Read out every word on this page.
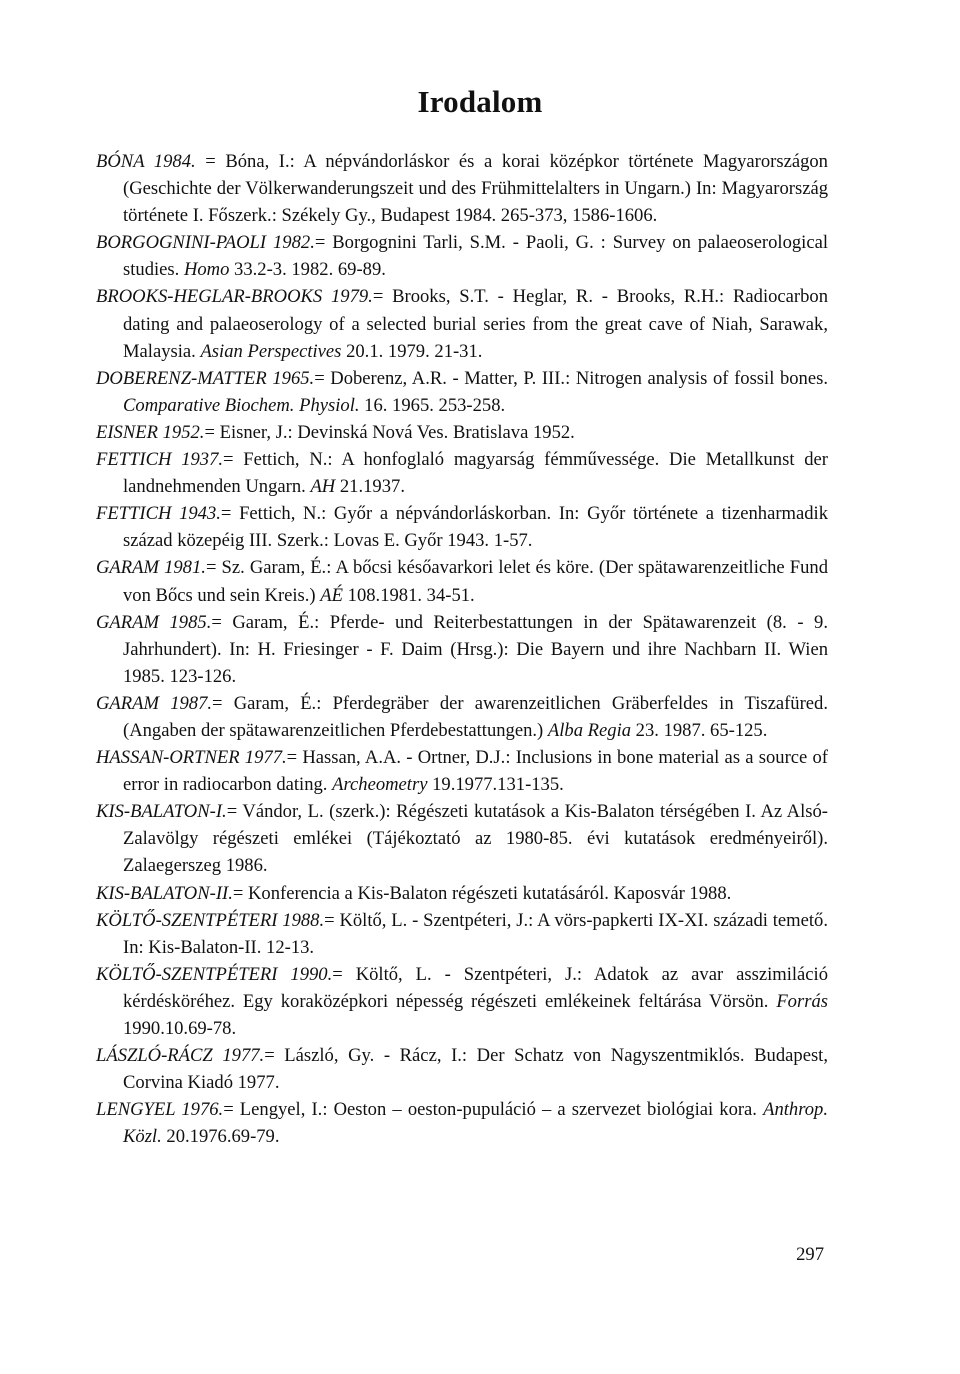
Irodalom

BÓNA 1984. = Bóna, I.: A népvándorláskor és a korai középkor története Magyarországon (Geschichte der Völkerwanderungszeit und des Frühmittelalters in Ungarn.) In: Magyarország története I. Főszerk.: Székely Gy., Budapest 1984. 265-373, 1586-1606.

BORGOGNINI-PAOLI 1982.= Borgognini Tarli, S.M. - Paoli, G. : Survey on palaeoserological studies. Homo 33.2-3. 1982. 69-89.

BROOKS-HEGLAR-BROOKS 1979.= Brooks, S.T. - Heglar, R. - Brooks, R.H.: Radiocarbon dating and palaeoserology of a selected burial series from the great cave of Niah, Sarawak, Malaysia. Asian Perspectives 20.1. 1979. 21-31.

DOBERENZ-MATTER 1965.= Doberenz, A.R. - Matter, P. III.: Nitrogen analysis of fossil bones. Comparative Biochem. Physiol. 16. 1965. 253-258.

EISNER 1952.= Eisner, J.: Devinská Nová Ves. Bratislava 1952.

FETTICH 1937.= Fettich, N.: A honfoglaló magyarság fémművessége. Die Metallkunst der landnehmenden Ungarn. AH 21.1937.

FETTICH 1943.= Fettich, N.: Győr a népvándorláskorban. In: Győr története a tizenharmadik század közepéig III. Szerk.: Lovas E. Győr 1943. 1-57.

GARAM 1981.= Sz. Garam, É.: A bőcsi későavarkori lelet és köre. (Der spätawarenzeitliche Fund von Bőcs und sein Kreis.) AÉ 108.1981. 34-51.

GARAM 1985.= Garam, É.: Pferde- und Reiterbestattungen in der Spätawarenzeit (8. - 9. Jahrhundert). In: H. Friesinger - F. Daim (Hrsg.): Die Bayern und ihre Nachbarn II. Wien 1985. 123-126.

GARAM 1987.= Garam, É.: Pferdegräber der awarenzeitlichen Gräberfeldes in Tiszafüred. (Angaben der spätawarenzeitlichen Pferdebestattungen.) Alba Regia 23. 1987. 65-125.

HASSAN-ORTNER 1977.= Hassan, A.A. - Ortner, D.J.: Inclusions in bone material as a source of error in radiocarbon dating. Archeometry 19.1977.131-135.

KIS-BALATON-I.= Vándor, L. (szerk.): Régészeti kutatások a Kis-Balaton térségében I. Az Alsó-Zalavölgy régészeti emlékei (Tájékoztató az 1980-85. évi kutatások eredményeiről). Zalaegerszeg 1986.

KIS-BALATON-II.= Konferencia a Kis-Balaton régészeti kutatásáról. Kaposvár 1988.

KÖLTŐ-SZENTPÉTERI 1988.= Költő, L. - Szentpéteri, J.: A vörs-papkerti IX-XI. századi temető. In: Kis-Balaton-II. 12-13.

KÖLTŐ-SZENTPÉTERI 1990.= Költő, L. - Szentpéteri, J.: Adatok az avar asszimiláció kérdésköréhez. Egy koraközépkori népesség régészeti emlékeinek feltárása Vörsön. Forrás 1990.10.69-78.

LÁSZLÓ-RÁCZ 1977.= László, Gy. - Rácz, I.: Der Schatz von Nagyszentmiklós. Budapest, Corvina Kiadó 1977.

LENGYEL 1976.= Lengyel, I.: Oeston – oeston-pupuláció – a szervezet biológiai kora. Anthrop. Közl. 20.1976.69-79.

297
